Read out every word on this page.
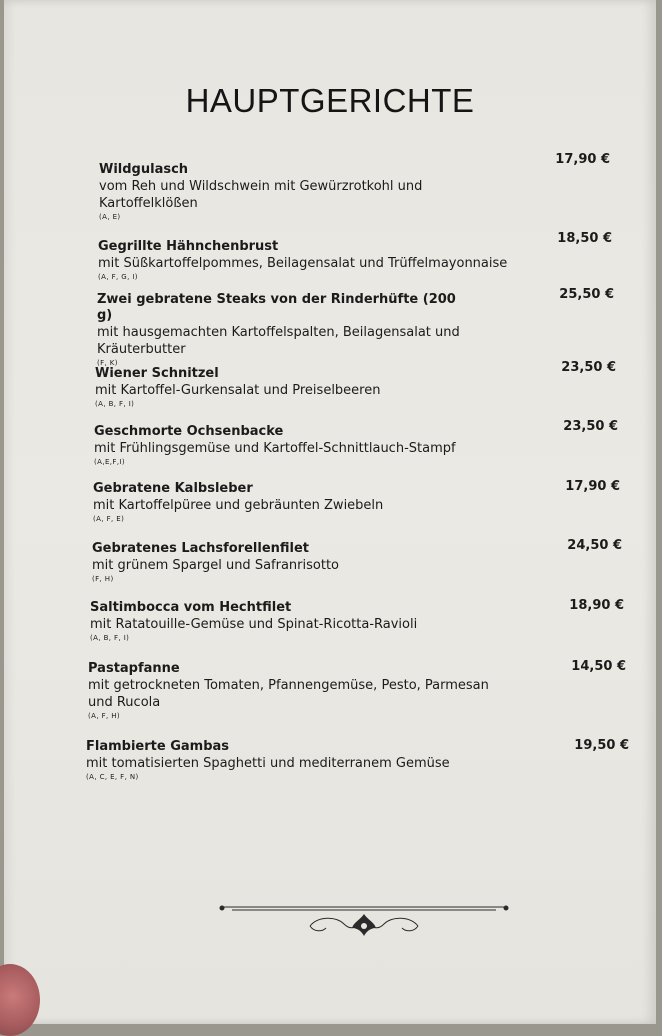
HAUPTGERICHTE
Wildgulasch
vom Reh und Wildschwein mit Gewürzrotkohl und Kartoffelklößen
(A, E)
17,90 €
Gegrillte Hähnchenbrust
mit Süßkartoffelpommes, Beilagensalat und Trüffelmayonnaise
(A, F, G, I)
18,50 €
Zwei gebratene Steaks von der Rinderhüfte (200 g)
mit hausgemachten Kartoffelspalten, Beilagensalat und Kräuterbutter
(F, K)
25,50 €
Wiener Schnitzel
mit Kartoffel-Gurkensalat und Preiselbeeren
(A, B, F, I)
23,50 €
Geschmorte Ochsenbacke
mit Frühlingsgemüse und Kartoffel-Schnittlauch-Stampf
(A,E,F,I)
23,50 €
Gebratene Kalbsleber
mit Kartoffelpüree und gebräunten Zwiebeln
(A, F, E)
17,90 €
Gebratenes Lachsforellenfilet
mit grünem Spargel und Safranrisotto
(F, H)
24,50 €
Saltimbocca vom Hechtfilet
mit Ratatouille-Gemüse und Spinat-Ricotta-Ravioli
(A, B, F, I)
18,90 €
Pastapfanne
mit getrockneten Tomaten, Pfannengemüse, Pesto, Parmesan und Rucola
(A, F, H)
14,50 €
Flambierte Gambas
mit tomatisierten Spaghetti und mediterranem Gemüse
(A, C, E, F, N)
19,50 €
